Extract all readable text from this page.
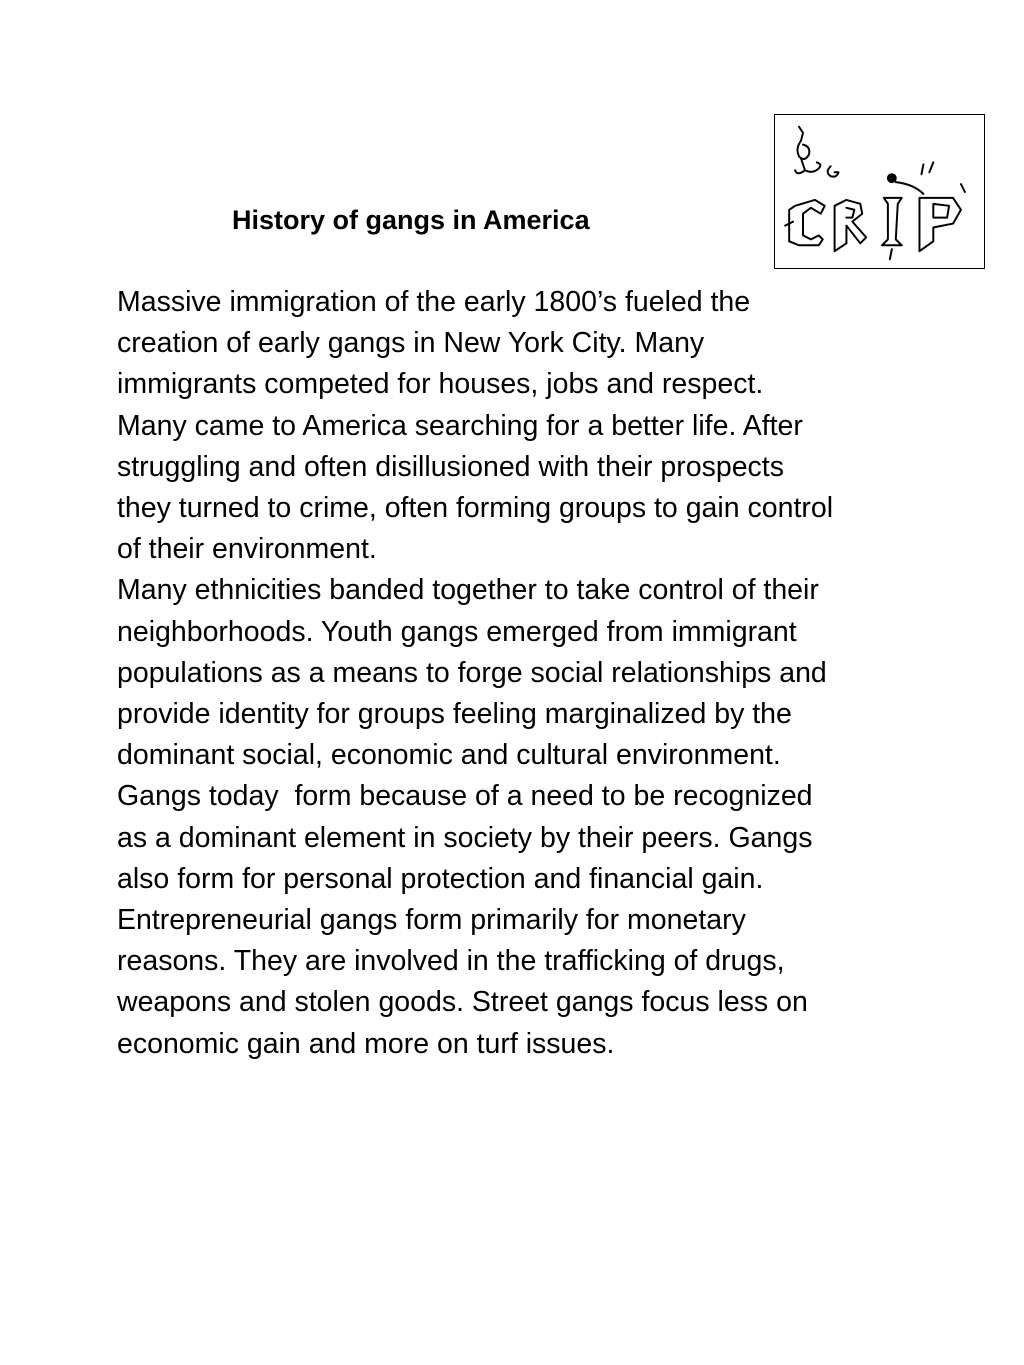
History of gangs in America
Massive immigration of the early 1800’s fueled the
creation of early gangs in New York City. Many
immigrants competed for houses, jobs and respect.
Many came to America searching for a better life. After
struggling and often disillusioned with their prospects
they turned to crime, often forming groups to gain control
of their environment.
Many ethnicities banded together to take control of their
neighborhoods. Youth gangs emerged from immigrant
populations as a means to forge social relationships and
provide identity for groups feeling marginalized by the
dominant social, economic and cultural environment.
Gangs today  form because of a need to be recognized
as a dominant element in society by their peers. Gangs
also form for personal protection and financial gain.
Entrepreneurial gangs form primarily for monetary
reasons. They are involved in the trafficking of drugs,
weapons and stolen goods. Street gangs focus less on
economic gain and more on turf issues.
